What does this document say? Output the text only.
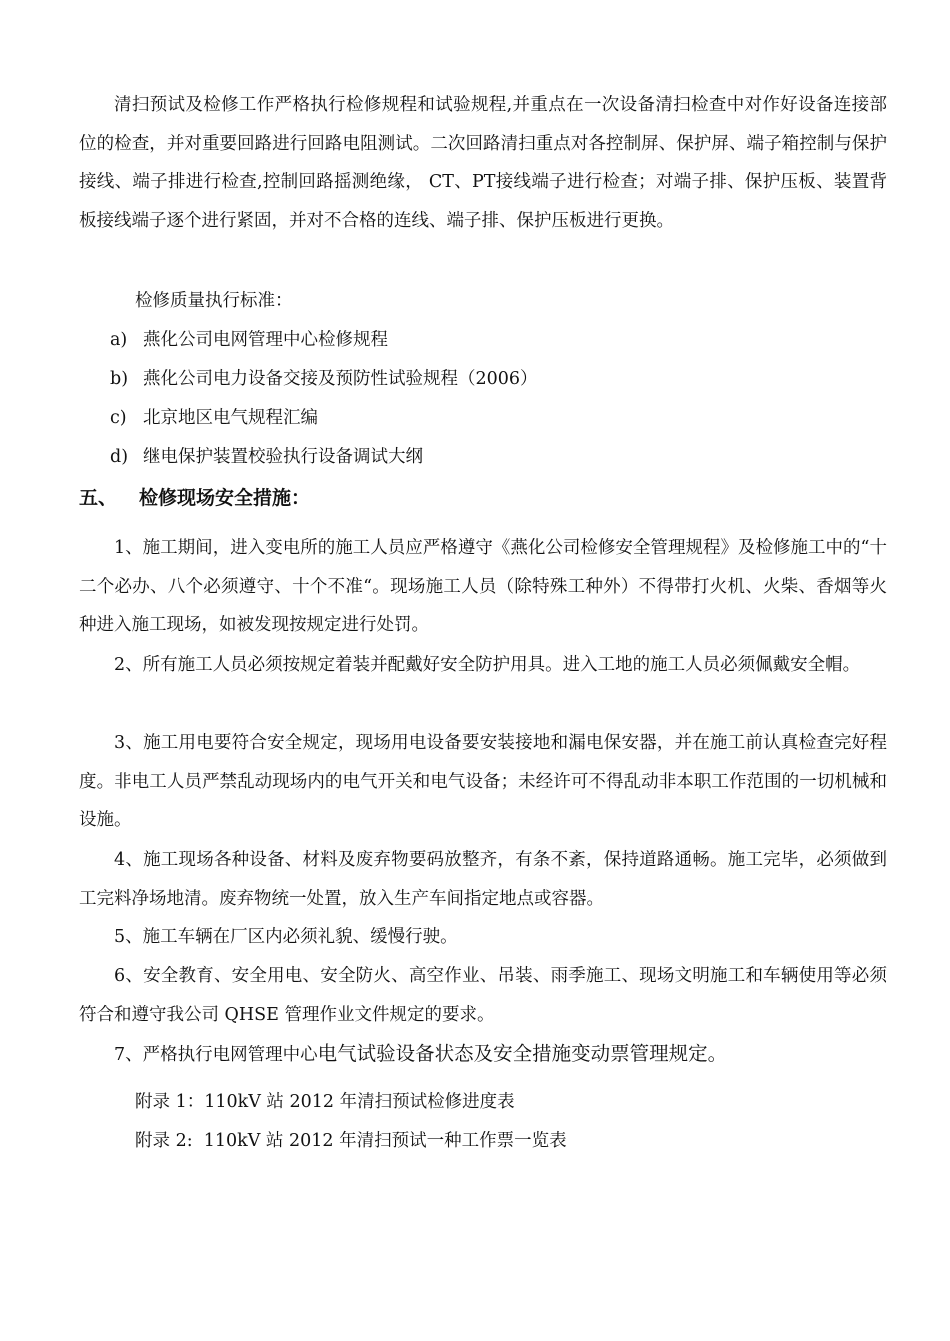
清扫预试及检修工作严格执行检修规程和试验规程,并重点在一次设备清扫检查中对作好设备连接部位的检查，并对重要回路进行回路电阻测试。二次回路清扫重点对各控制屏、保护屏、端子箱控制与保护接线、端子排进行检查,控制回路摇测绝缘， CT、PT接线端子进行检查；对端子排、保护压板、装置背板接线端子逐个进行紧固，并对不合格的连线、端子排、保护压板进行更换。

检修质量执行标准：
a) 燕化公司电网管理中心检修规程
b) 燕化公司电力设备交接及预防性试验规程（2006）
c) 北京地区电气规程汇编
d) 继电保护装置校验执行设备调试大纲
五、 检修现场安全措施：

1、施工期间，进入变电所的施工人员应严格遵守《燕化公司检修安全管理规程》及检修施工中的“十二个必办、八个必须遵守、十个不准“。现场施工人员（除特殊工种外）不得带打火机、火柴、香烟等火种进入施工现场，如被发现按规定进行处罚。

2、所有施工人员必须按规定着装并配戴好安全防护用具。进入工地的施工人员必须佩戴安全帽。

3、施工用电要符合安全规定，现场用电设备要安装接地和漏电保安器，并在施工前认真检查完好程度。非电工人员严禁乱动现场内的电气开关和电气设备；未经许可不得乱动非本职工作范围的一切机械和设施。

4、施工现场各种设备、材料及废弃物要码放整齐，有条不紊，保持道路通畅。施工完毕，必须做到工完料净场地清。废弃物统一处置，放入生产车间指定地点或容器。

5、施工车辆在厂区内必须礼貌、缓慢行驶。

6、安全教育、安全用电、安全防火、高空作业、吊装、雨季施工、现场文明施工和车辆使用等必须符合和遵守我公司 QHSE 管理作业文件规定的要求。

7、严格执行电网管理中心电气试验设备状态及安全措施变动票管理规定。

附录 1：110kV 站 2012 年清扫预试检修进度表
附录 2:  110kV 站 2012 年清扫预试一种工作票一览表
